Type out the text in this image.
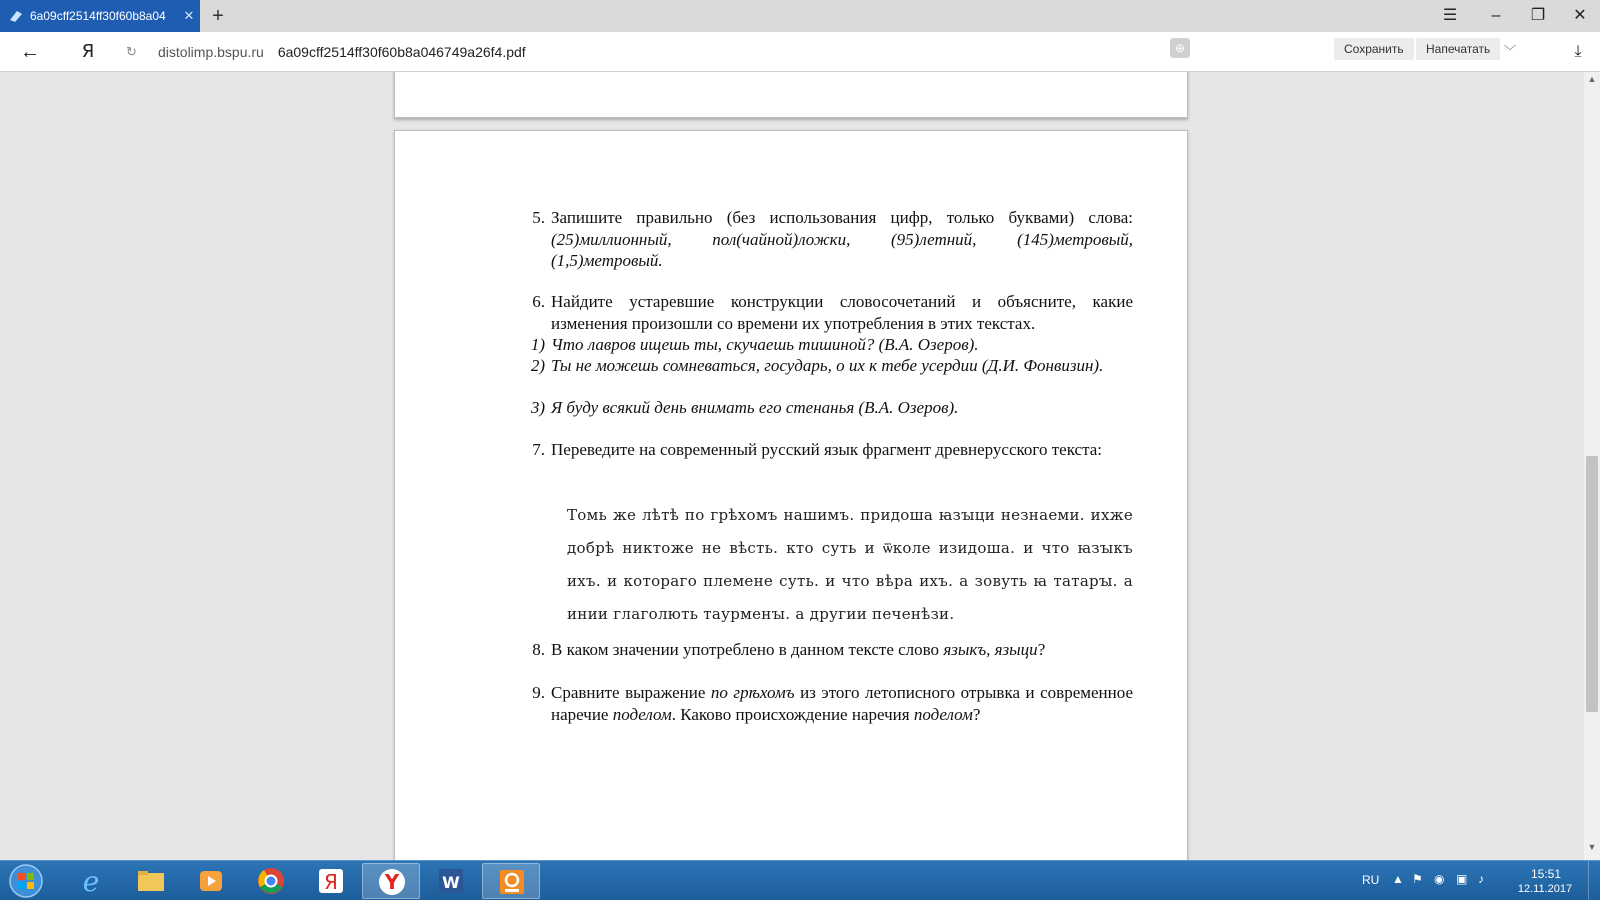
6a09cff2514ff30f60b8a04	✕ +	☰	–	❐	✕
←	Я	↻	distolimp.bspu.ru 6a09cff2514ff30f60b8a046749a26f4.pdf	⊕	Сохранить	Напечатать	﹀	⤓
5. Запишите правильно (без использования цифр, только буквами) слова: (25)миллионный, пол(чайной)ложки, (95)летний, (145)метровый, (1,5)метровый.
6. Найдите устаревшие конструкции словосочетаний и объясните, какие изменения произошли со времени их употребления в этих текстах.
1) Что лавров ищешь ты, скучаешь тишиной? (В.А. Озеров).
2) Ты не можешь сомневаться, государь, о их к тебе усердии (Д.И. Фонвизин).
3) Я буду всякий день внимать его стенанья (В.А. Озеров).
7. Переведите на современный русский язык фрагмент древнерусского текста:
Томь же лѣтѣ по грѣхомъ нашимъ. придоша ꙗзꙑци незнаеми. ихже добрѣ никтоже не вѣсть. кто суть и ѿколе изидоша. и что ꙗзꙑкъ ихъ. и котораго племене суть. и что вѣра ихъ. а зовуть ꙗ татарꙑ. а инии глаголють таурменꙑ. а другии печенѣзи.
8. В каком значении употреблено в данном тексте слово языкъ, языци?
9. Сравните выражение по грѣхомъ из этого летописного отрывка и современное наречие поделом. Каково происхождение наречия поделом?
▲
▼
e	Я Y	W	RU ▲ ⚑ ◉ ▣ ♪	15:51
12.11.2017
